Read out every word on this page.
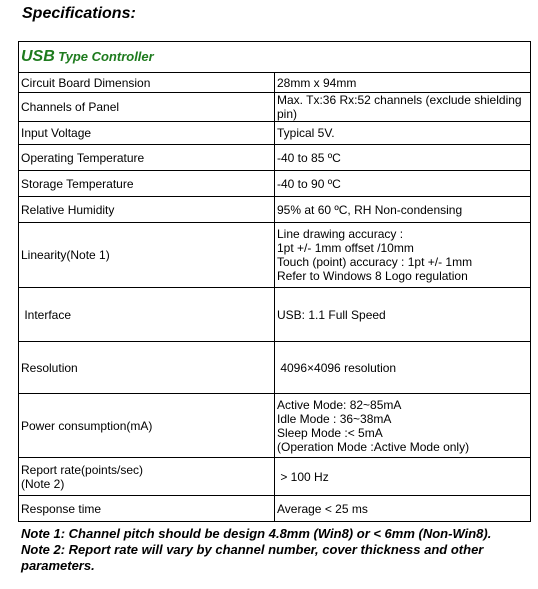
Specifications:
USB Type Controller	
Circuit Board Dimension	28mm x 94mm
Channels of Panel	Max. Tx:36 Rx:52 channels (exclude shielding pin)
Input Voltage	Typical 5V.
Operating Temperature	-40 to 85 ºC
Storage Temperature	-40 to 90 ºC
Relative Humidity	95% at 60 ºC, RH Non-condensing
Linearity(Note 1)	Line drawing accuracy :
1pt +/- 1mm offset /10mm
Touch (point) accuracy : 1pt +/- 1mm
Refer to Windows 8 Logo regulation

Interface	USB: 1.1 Full Speed
Resolution	4096×4096 resolution
Power consumption(mA)	Active Mode: 82~85mA
Idle Mode : 36~38mA
Sleep Mode :< 5mA
(Operation Mode :Active Mode only)

Report rate(points/sec)
(Note 2)	> 100 Hz
Response time	Average < 25 ms
Note 1: Channel pitch should be design 4.8mm (Win8) or < 6mm (Non-Win8).
Note 2: Report rate will vary by channel number, cover thickness and other parameters.
